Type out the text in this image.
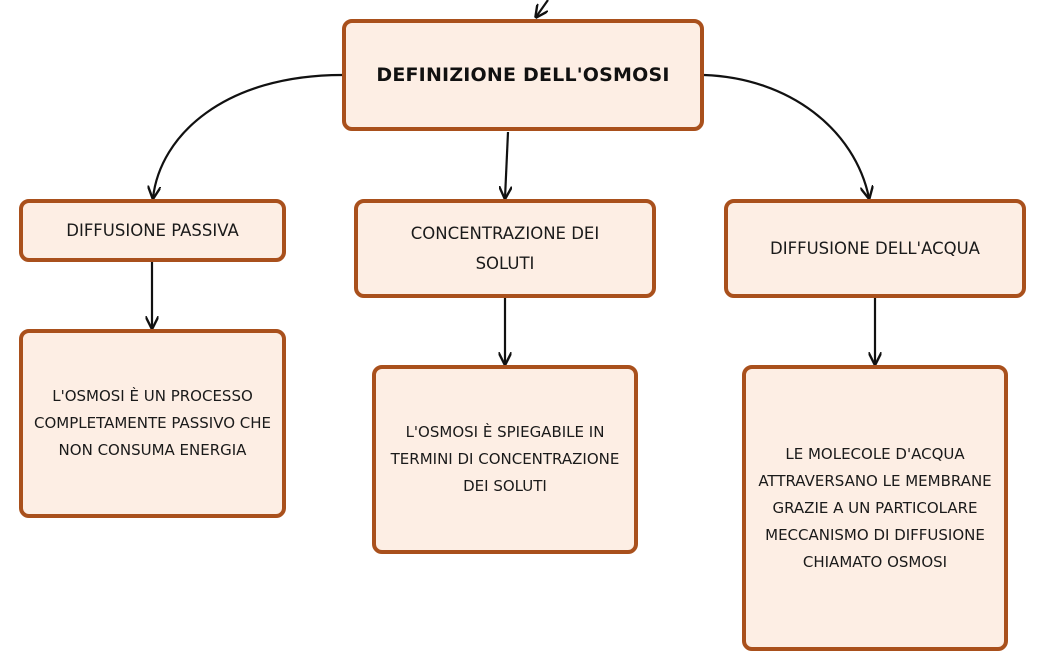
DEFINIZIONE DELL'OSMOSI
DIFFUSIONE PASSIVA	CONCENTRAZIONE DEI SOLUTI
DIFFUSIONE DELL'ACQUA
L'OSMOSI È UN PROCESSO COMPLETAMENTE PASSIVO CHE NON CONSUMA ENERGIA
L'OSMOSI È SPIEGABILE IN TERMINI DI CONCENTRAZIONE DEI SOLUTI
LE MOLECOLE D'ACQUA ATTRAVERSANO LE MEMBRANE GRAZIE A UN PARTICOLARE MECCANISMO DI DIFFUSIONE CHIAMATO OSMOSI
